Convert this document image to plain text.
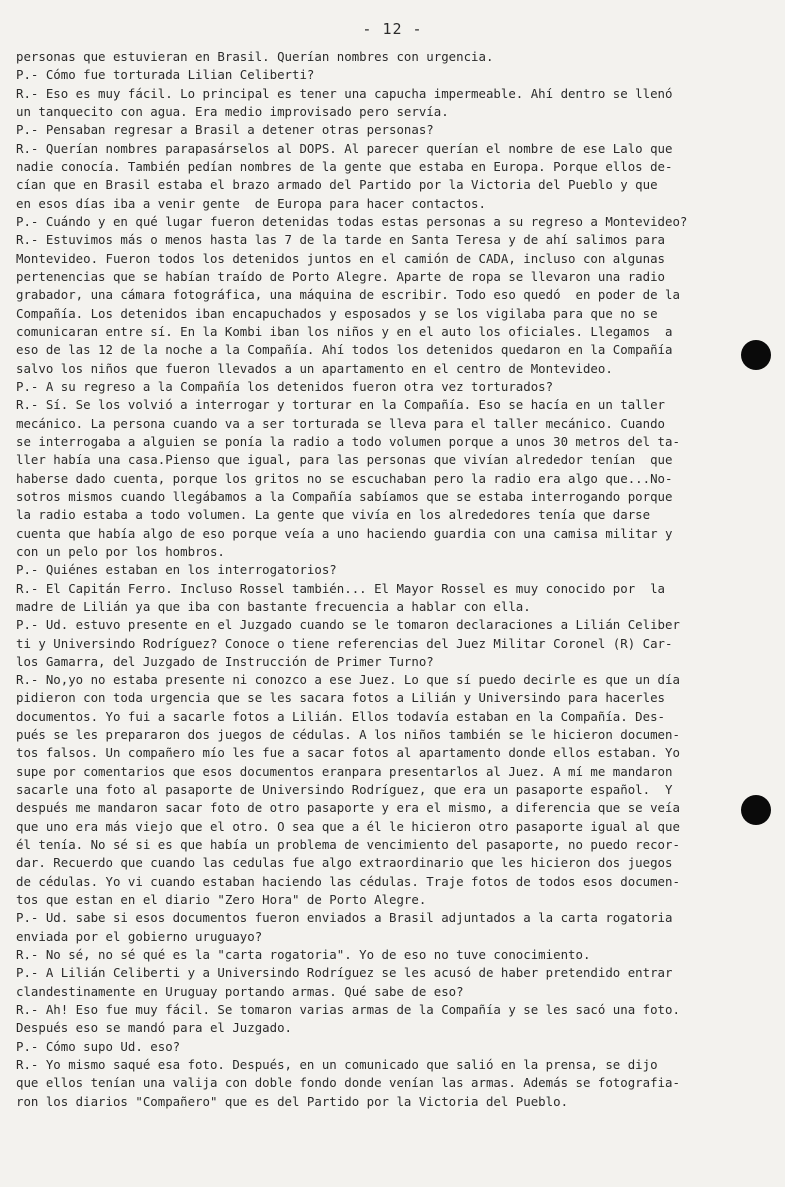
- 12 -
personas que estuvieran en Brasil. Querían nombres con urgencia.
P.- Cómo fue torturada Lilian Celiberti?
R.- Eso es muy fácil. Lo principal es tener una capucha impermeable. Ahí dentro se llenó
un tanquecito con agua. Era medio improvisado pero servía.
P.- Pensaban regresar a Brasil a detener otras personas?
R.- Querían nombres parapasárselos al DOPS. Al parecer querían el nombre de ese Lalo que
nadie conocía. También pedían nombres de la gente que estaba en Europa. Porque ellos de-
cían que en Brasil estaba el brazo armado del Partido por la Victoria del Pueblo y que
en esos días iba a venir gente  de Europa para hacer contactos.
P.- Cuándo y en qué lugar fueron detenidas todas estas personas a su regreso a Montevideo?
R.- Estuvimos más o menos hasta las 7 de la tarde en Santa Teresa y de ahí salimos para
Montevideo. Fueron todos los detenidos juntos en el camión de CADA, incluso con algunas
pertenencias que se habían traído de Porto Alegre. Aparte de ropa se llevaron una radio
grabador, una cámara fotográfica, una máquina de escribir. Todo eso quedó  en poder de la
Compañía. Los detenidos iban encapuchados y esposados y se los vigilaba para que no se
comunicaran entre sí. En la Kombi iban los niños y en el auto los oficiales. Llegamos  a
eso de las 12 de la noche a la Compañía. Ahí todos los detenidos quedaron en la Compañía
salvo los niños que fueron llevados a un apartamento en el centro de Montevideo.
P.- A su regreso a la Compañía los detenidos fueron otra vez torturados?
R.- Sí. Se los volvió a interrogar y torturar en la Compañía. Eso se hacía en un taller
mecánico. La persona cuando va a ser torturada se lleva para el taller mecánico. Cuando
se interrogaba a alguien se ponía la radio a todo volumen porque a unos 30 metros del ta-
ller había una casa.Pienso que igual, para las personas que vivían alrededor tenían  que
haberse dado cuenta, porque los gritos no se escuchaban pero la radio era algo que...No-
sotros mismos cuando llegábamos a la Compañía sabíamos que se estaba interrogando porque
la radio estaba a todo volumen. La gente que vivía en los alrededores tenía que darse
cuenta que había algo de eso porque veía a uno haciendo guardia con una camisa militar y
con un pelo por los hombros.
P.- Quiénes estaban en los interrogatorios?
R.- El Capitán Ferro. Incluso Rossel también... El Mayor Rossel es muy conocido por  la
madre de Lilián ya que iba con bastante frecuencia a hablar con ella.
P.- Ud. estuvo presente en el Juzgado cuando se le tomaron declaraciones a Lilián Celiber
ti y Universindo Rodríguez? Conoce o tiene referencias del Juez Militar Coronel (R) Car-
los Gamarra, del Juzgado de Instrucción de Primer Turno?
R.- No,yo no estaba presente ni conozco a ese Juez. Lo que sí puedo decirle es que un día
pidieron con toda urgencia que se les sacara fotos a Lilián y Universindo para hacerles
documentos. Yo fui a sacarle fotos a Lilián. Ellos todavía estaban en la Compañía. Des-
pués se les prepararon dos juegos de cédulas. A los niños también se le hicieron documen-
tos falsos. Un compañero mío les fue a sacar fotos al apartamento donde ellos estaban. Yo
supe por comentarios que esos documentos eranpara presentarlos al Juez. A mí me mandaron
sacarle una foto al pasaporte de Universindo Rodríguez, que era un pasaporte español.  Y
después me mandaron sacar foto de otro pasaporte y era el mismo, a diferencia que se veía
que uno era más viejo que el otro. O sea que a él le hicieron otro pasaporte igual al que
él tenía. No sé si es que había un problema de vencimiento del pasaporte, no puedo recor-
dar. Recuerdo que cuando las cedulas fue algo extraordinario que les hicieron dos juegos
de cédulas. Yo vi cuando estaban haciendo las cédulas. Traje fotos de todos esos documen-
tos que estan en el diario "Zero Hora" de Porto Alegre.
P.- Ud. sabe si esos documentos fueron enviados a Brasil adjuntados a la carta rogatoria
enviada por el gobierno uruguayo?
R.- No sé, no sé qué es la "carta rogatoria". Yo de eso no tuve conocimiento.
P.- A Lilián Celiberti y a Universindo Rodríguez se les acusó de haber pretendido entrar
clandestinamente en Uruguay portando armas. Qué sabe de eso?
R.- Ah! Eso fue muy fácil. Se tomaron varias armas de la Compañía y se les sacó una foto.
Después eso se mandó para el Juzgado.
P.- Cómo supo Ud. eso?
R.- Yo mismo saqué esa foto. Después, en un comunicado que salió en la prensa, se dijo
que ellos tenían una valija con doble fondo donde venían las armas. Además se fotografia-
ron los diarios "Compañero" que es del Partido por la Victoria del Pueblo.
